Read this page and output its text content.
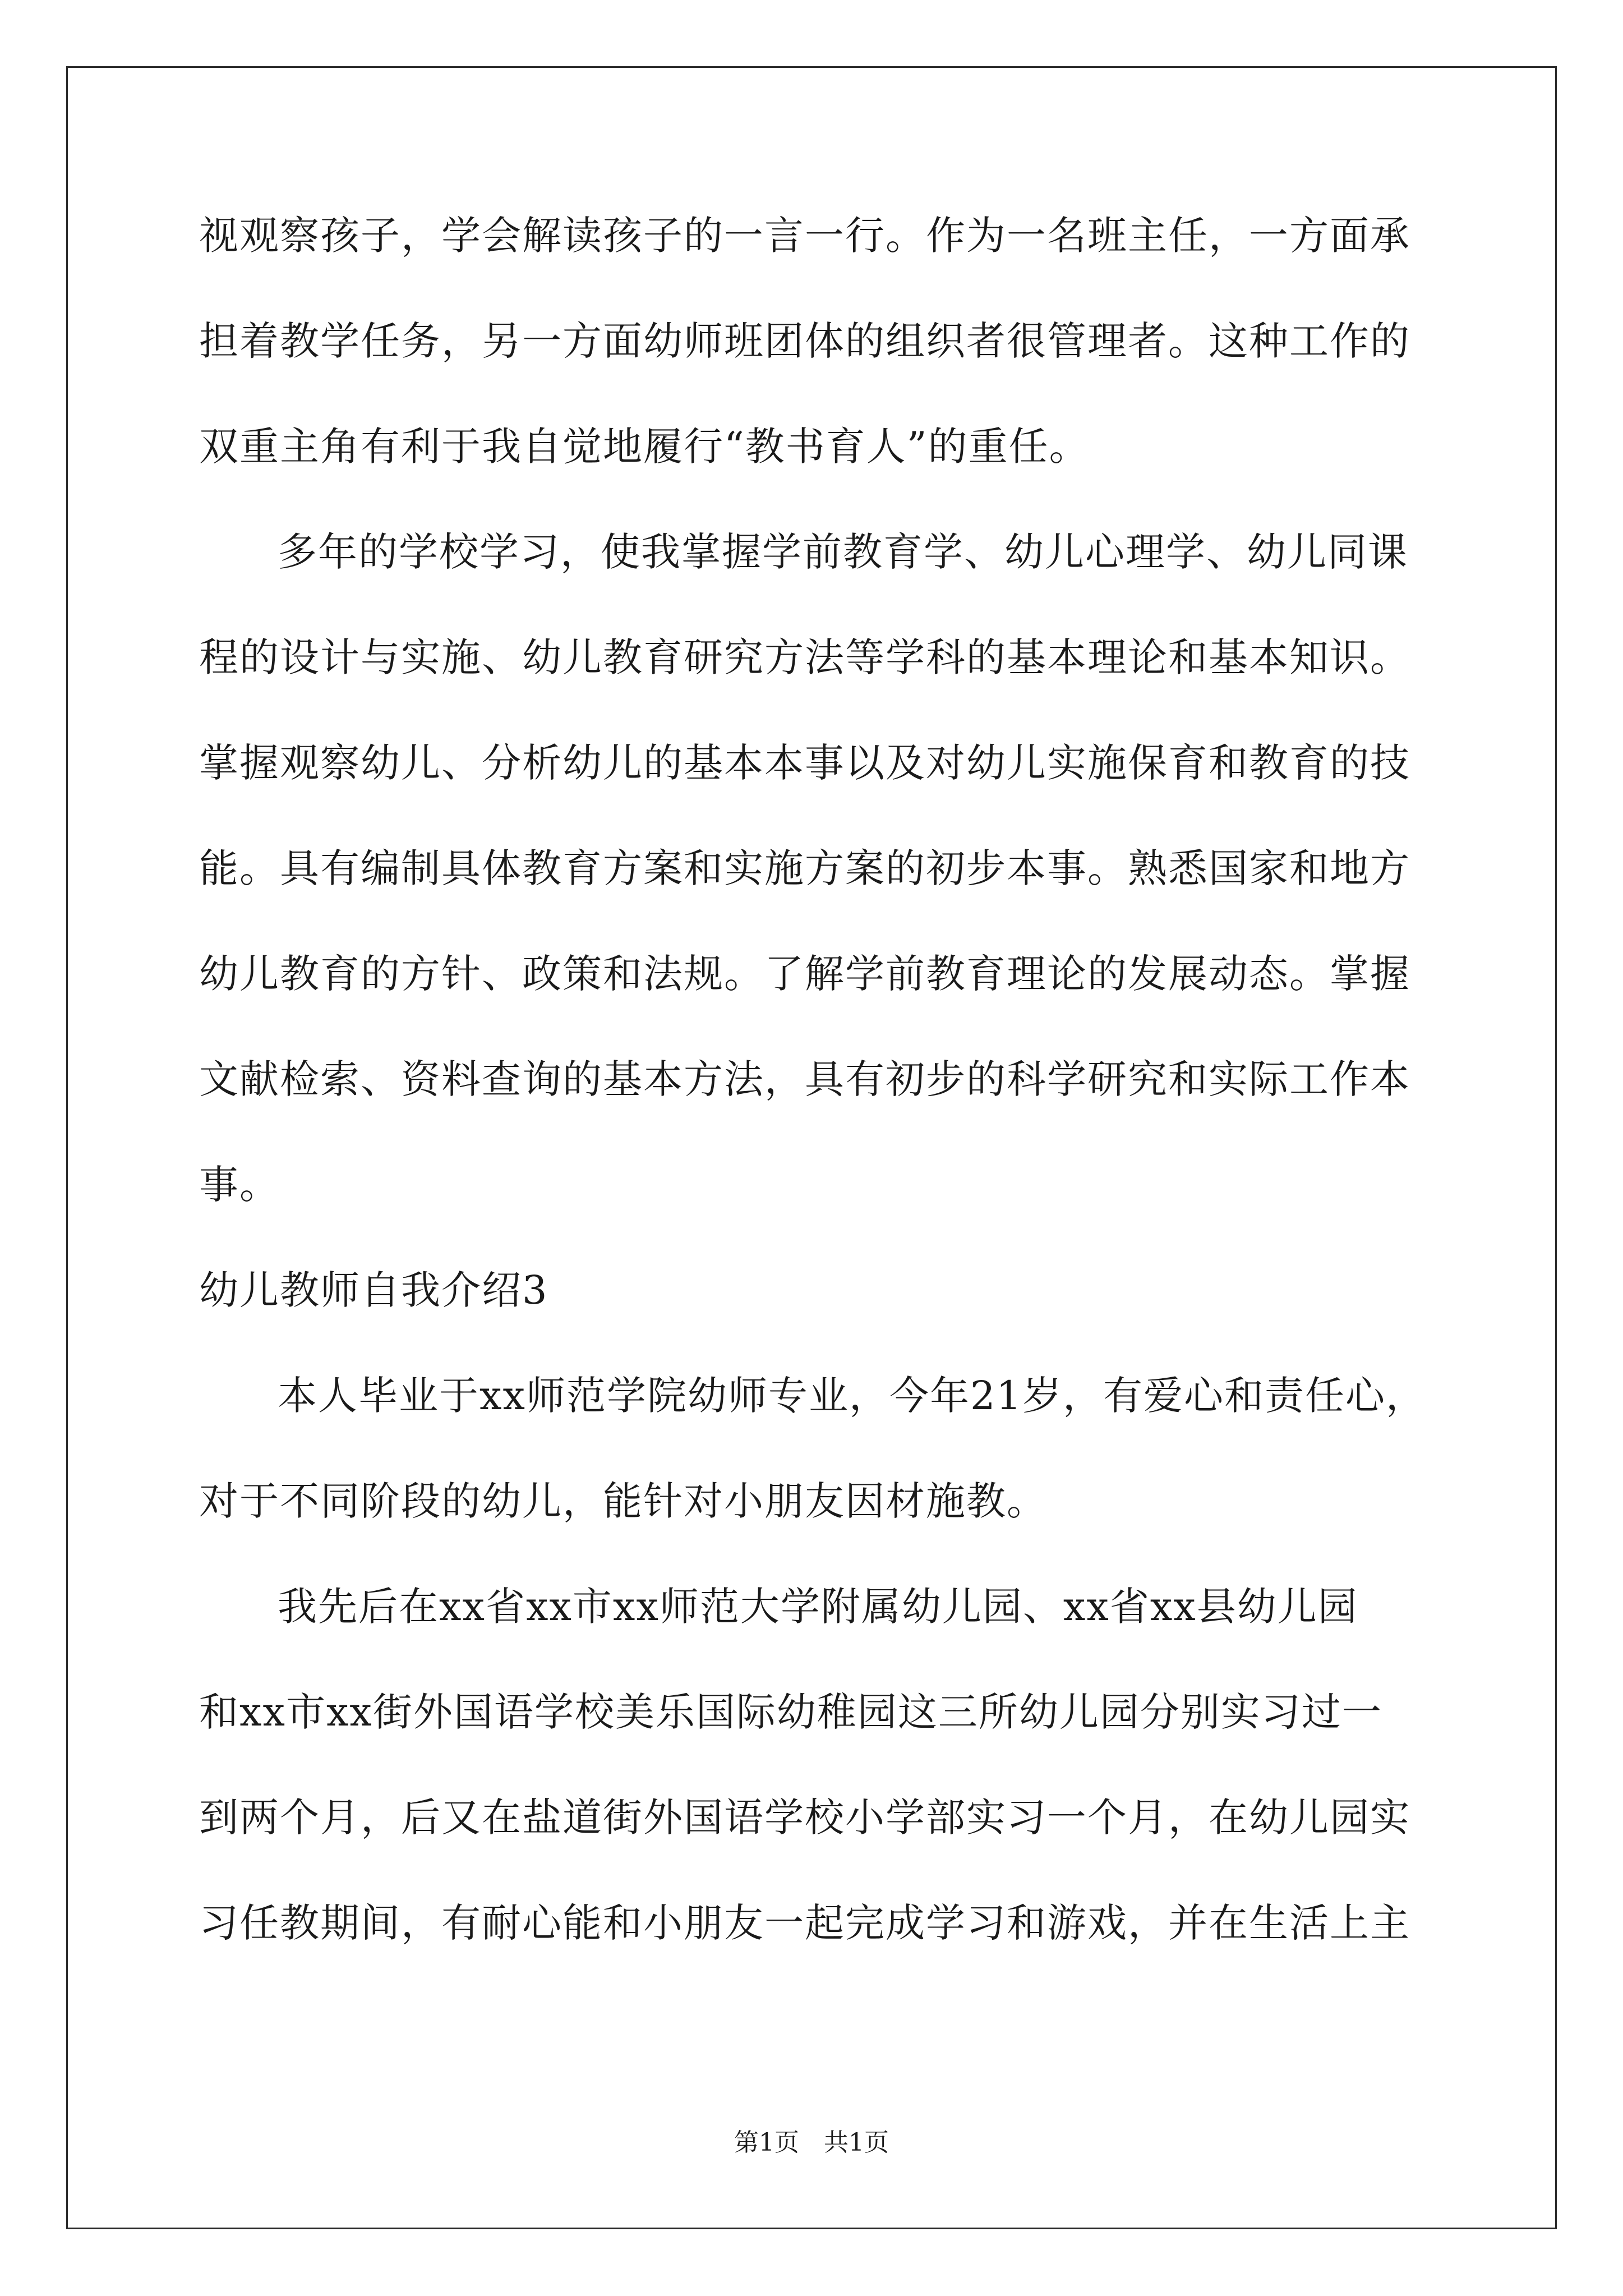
视观察孩子，学会解读孩子的一言一行。作为一名班主任，一方面承
担着教学任务，另一方面幼师班团体的组织者很管理者。这种工作的
双重主角有利于我自觉地履行“教书育人”的重任。
多年的学校学习，使我掌握学前教育学、幼儿心理学、幼儿同课
程的设计与实施、幼儿教育研究方法等学科的基本理论和基本知识。
掌握观察幼儿、分析幼儿的基本本事以及对幼儿实施保育和教育的技
能。具有编制具体教育方案和实施方案的初步本事。熟悉国家和地方
幼儿教育的方针、政策和法规。了解学前教育理论的发展动态。掌握
文献检索、资料查询的基本方法，具有初步的科学研究和实际工作本
事。
幼儿教师自我介绍3
本人毕业于xx师范学院幼师专业，今年21岁，有爱心和责任心，
对于不同阶段的幼儿，能针对小朋友因材施教。
我先后在xx省xx市xx师范大学附属幼儿园、xx省xx县幼儿园
和xx市xx街外国语学校美乐国际幼稚园这三所幼儿园分别实习过一
到两个月，后又在盐道街外国语学校小学部实习一个月，在幼儿园实
习任教期间，有耐心能和小朋友一起完成学习和游戏，并在生活上主
第1页　共1页
